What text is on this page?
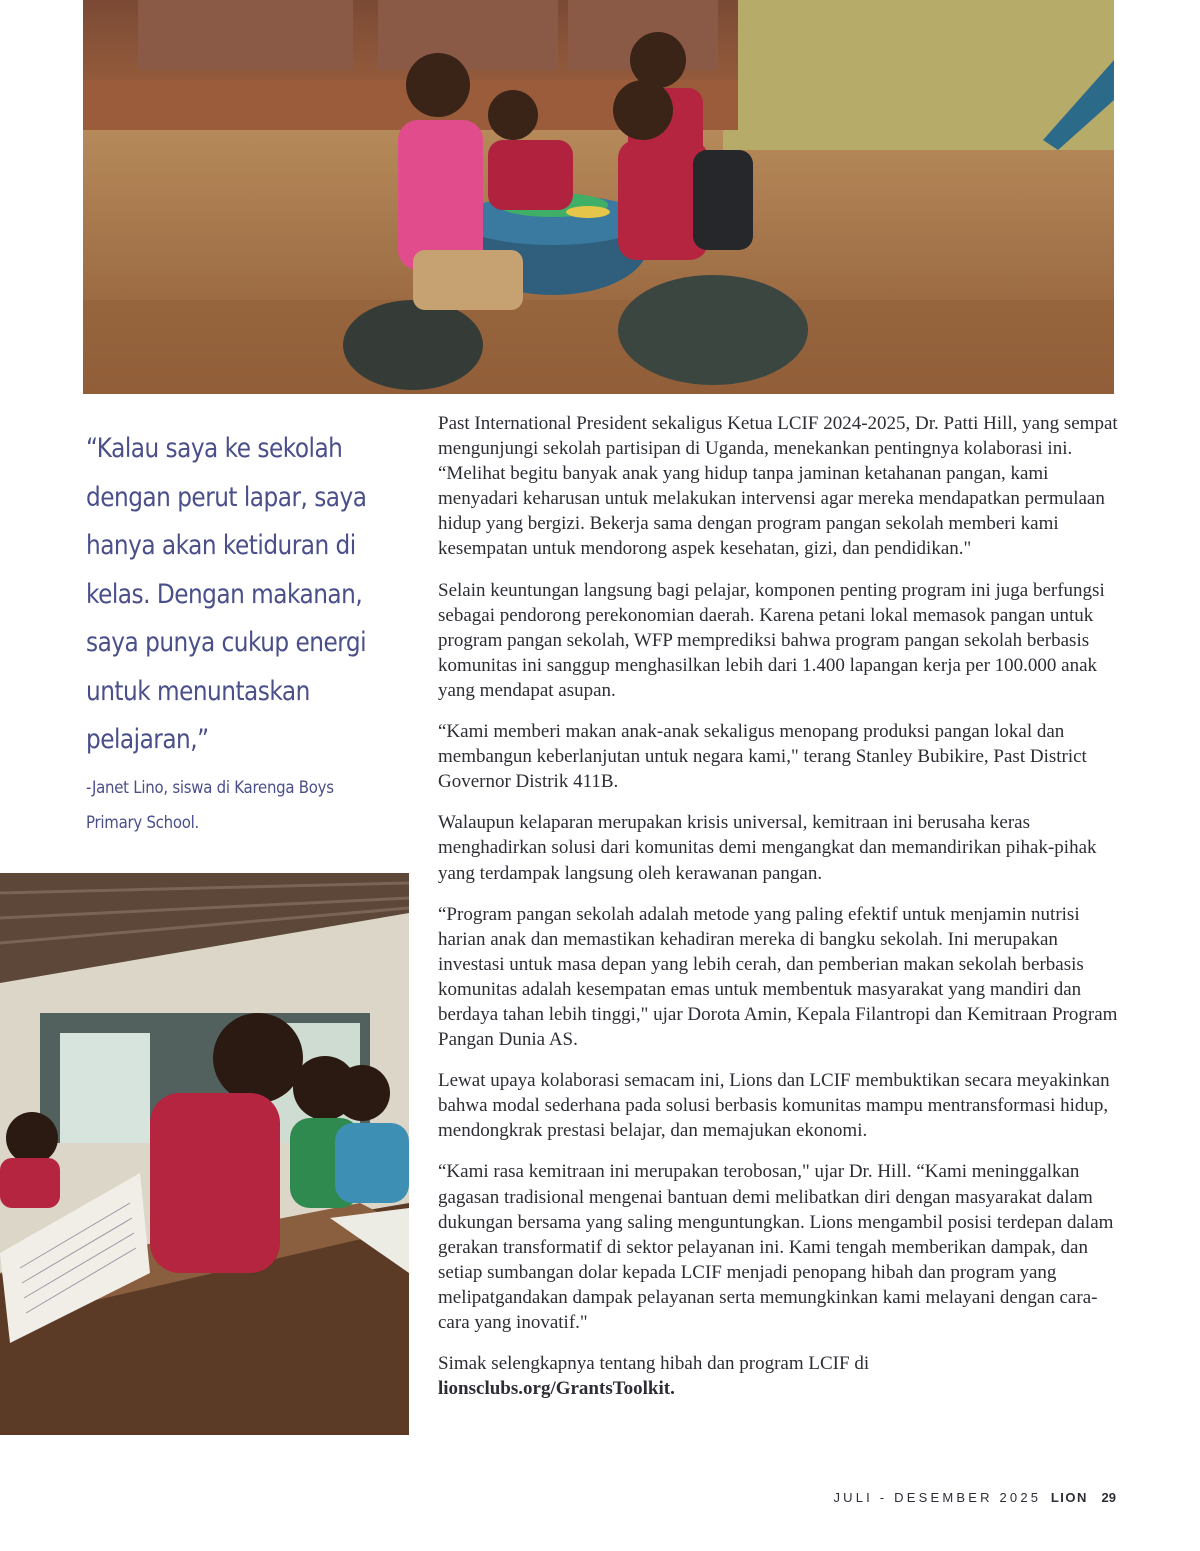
“Kalau saya ke sekolah dengan perut lapar, saya hanya akan ketiduran di kelas. Dengan makanan, saya punya cukup energi untuk menuntaskan pelajaran,”

-Janet Lino, siswa di Karenga Boys Primary School.

Past International President sekaligus Ketua LCIF 2024-2025, Dr. Patti Hill, yang sempat mengunjungi sekolah partisipan di Uganda, menekankan pentingnya kolaborasi ini. “Melihat begitu banyak anak yang hidup tanpa jaminan ketahanan pangan, kami menyadari keharusan untuk melakukan intervensi agar mereka mendapatkan permulaan hidup yang bergizi. Bekerja sama dengan program pangan sekolah memberi kami kesempatan untuk mendorong aspek kesehatan, gizi, dan pendidikan."

Selain keuntungan langsung bagi pelajar, komponen penting program ini juga berfungsi sebagai pendorong perekonomian daerah. Karena petani lokal memasok pangan untuk program pangan sekolah, WFP memprediksi bahwa program pangan sekolah berbasis komunitas ini sanggup menghasilkan lebih dari 1.400 lapangan kerja per 100.000 anak yang mendapat asupan.

“Kami memberi makan anak-anak sekaligus menopang produksi pangan lokal dan membangun keberlanjutan untuk negara kami," terang Stanley Bubikire, Past District Governor Distrik 411B.

Walaupun kelaparan merupakan krisis universal, kemitraan ini berusaha keras menghadirkan solusi dari komunitas demi mengangkat dan memandirikan pihak-pihak yang terdampak langsung oleh kerawanan pangan.

“Program pangan sekolah adalah metode yang paling efektif untuk menjamin nutrisi harian anak dan memastikan kehadiran mereka di bangku sekolah. Ini merupakan investasi untuk masa depan yang lebih cerah, dan pemberian makan sekolah berbasis komunitas adalah kesempatan emas untuk membentuk masyarakat yang mandiri dan berdaya tahan lebih tinggi," ujar Dorota Amin, Kepala Filantropi dan Kemitraan Program Pangan Dunia AS.

Lewat upaya kolaborasi semacam ini, Lions dan LCIF membuktikan secara meyakinkan bahwa modal sederhana pada solusi berbasis komunitas mampu mentransformasi hidup, mendongkrak prestasi belajar, dan memajukan ekonomi.

“Kami rasa kemitraan ini merupakan terobosan," ujar Dr. Hill. “Kami meninggalkan gagasan tradisional mengenai bantuan demi melibatkan diri dengan masyarakat dalam dukungan bersama yang saling menguntungkan. Lions mengambil posisi terdepan dalam gerakan transformatif di sektor pelayanan ini. Kami tengah memberikan dampak, dan setiap sumbangan dolar kepada LCIF menjadi penopang hibah dan program yang melipatgandakan dampak pelayanan serta memungkinkan kami melayani dengan cara-cara yang inovatif."

Simak selengkapnya tentang hibah dan program LCIF di
lionsclubs.org/GrantsToolkit.

JULI - DESEMBER 2025 LION 29
